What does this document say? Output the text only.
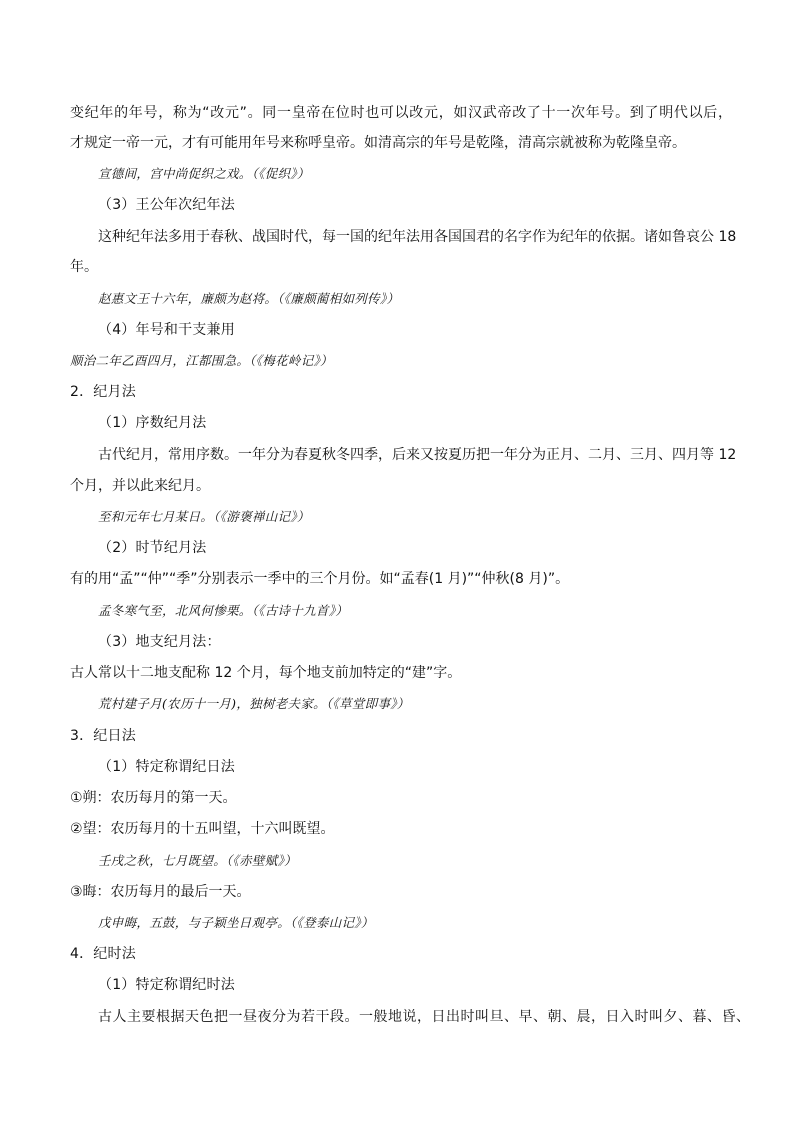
变纪年的年号，称为“改元”。同一皇帝在位时也可以改元，如汉武帝改了十一次年号。到了明代以后，
才规定一帝一元，才有可能用年号来称呼皇帝。如清高宗的年号是乾隆，清高宗就被称为乾隆皇帝。
宣德间，宫中尚促织之戏。（《促织》）
（3）王公年次纪年法
这种纪年法多用于春秋、战国时代，每一国的纪年法用各国国君的名字作为纪年的依据。诸如鲁哀公 18
年。
赵惠文王十六年，廉颇为赵将。（《廉颇蔺相如列传》）
（4）年号和干支兼用
顺治二年乙酉四月，江都围急。（《梅花岭记》）
2．纪月法
（1）序数纪月法
古代纪月，常用序数。一年分为春夏秋冬四季，后来又按夏历把一年分为正月、二月、三月、四月等 12
个月，并以此来纪月。
至和元年七月某日。（《游褒禅山记》）
（2）时节纪月法
有的用“孟”“仲”“季”分别表示一季中的三个月份。如“孟春(1 月)”“仲秋(8 月)”。
孟冬寒气至，北风何惨栗。（《古诗十九首》）
（3）地支纪月法：
古人常以十二地支配称 12 个月，每个地支前加特定的“建”字。
荒村建子月(农历十一月)，独树老夫家。（《草堂即事》）
3．纪日法
（1）特定称谓纪日法
①朔：农历每月的第一天。
②望：农历每月的十五叫望，十六叫既望。
壬戌之秋，七月既望。（《赤壁赋》）
③晦：农历每月的最后一天。
戊申晦，五鼓，与子颖坐日观亭。（《登泰山记》）
4．纪时法
（1）特定称谓纪时法
古人主要根据天色把一昼夜分为若干段。一般地说，日出时叫旦、早、朝、晨，日入时叫夕、暮、昏、
